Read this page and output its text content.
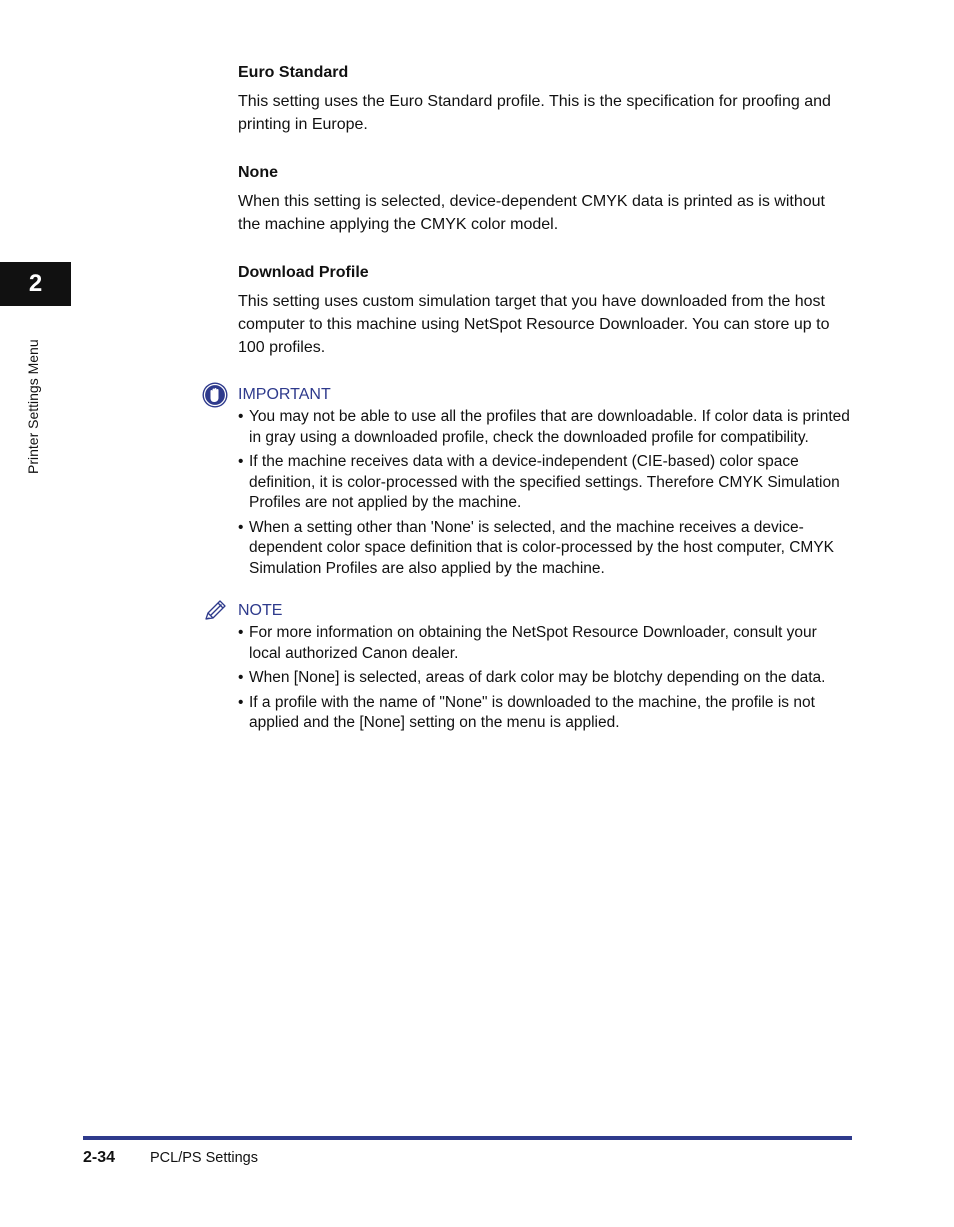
2
Printer Settings Menu

Euro Standard

This setting uses the Euro Standard profile. This is the specification for proofing and printing in Europe.

None

When this setting is selected, device-dependent CMYK data is printed as is without the machine applying the CMYK color model.

Download Profile

This setting uses custom simulation target that you have downloaded from the host computer to this machine using NetSpot Resource Downloader. You can store up to 100 profiles.

IMPORTANT
• You may not be able to use all the profiles that are downloadable. If color data is printed in gray using a downloaded profile, check the downloaded profile for compatibility.
• If the machine receives data with a device-independent (CIE-based) color space definition, it is color-processed with the specified settings. Therefore CMYK Simulation Profiles are not applied by the machine.
• When a setting other than 'None' is selected, and the machine receives a device-dependent color space definition that is color-processed by the host computer, CMYK Simulation Profiles are also applied by the machine.
NOTE
• For more information on obtaining the NetSpot Resource Downloader, consult your local authorized Canon dealer.
• When [None] is selected, areas of dark color may be blotchy depending on the data.
• If a profile with the name of "None" is downloaded to the machine, the profile is not applied and the [None] setting on the menu is applied.
2-34 PCL/PS Settings
